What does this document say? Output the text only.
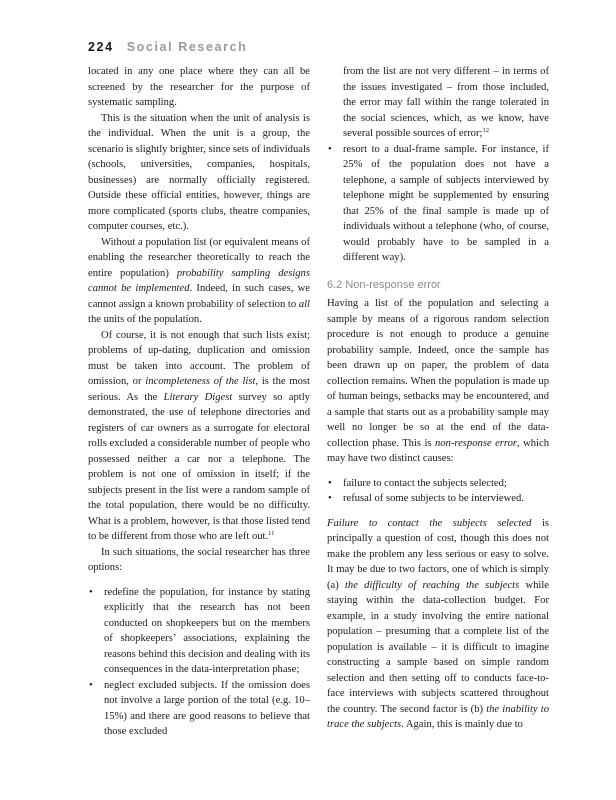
224 Social Research

located in any one place where they can all be screened by the researcher for the purpose of systematic sampling.

This is the situation when the unit of analysis is the individual. When the unit is a group, the scenario is slightly brighter, since sets of individuals (schools, universities, companies, hospitals, businesses) are normally officially registered. Outside these official entities, however, things are more complicated (sports clubs, theatre companies, computer courses, etc.).

Without a population list (or equivalent means of enabling the researcher theoretically to reach the entire population) probability sampling designs cannot be implemented. Indeed, in such cases, we cannot assign a known probability of selection to all the units of the population.

Of course, it is not enough that such lists exist; problems of up-dating, duplication and omission must be taken into account. The problem of omission, or incompleteness of the list, is the most serious. As the Literary Digest survey so aptly demonstrated, the use of telephone directories and registers of car owners as a surrogate for electoral rolls excluded a considerable number of people who possessed neither a car nor a telephone. The problem is not one of omission in itself; if the subjects present in the list were a random sample of the total population, there would be no difficulty. What is a problem, however, is that those listed tend to be different from those who are left out.$^{11}$

In such situations, the social researcher has three options:

• redefine the population, for instance by stating explicitly that the research has not been conducted on shopkeepers but on the members of shopkeepers’ associations, explaining the reasons behind this decision and dealing with its consequences in the data-interpretation phase;
• neglect excluded subjects. If the omission does not involve a large portion of the total (e.g. 10–15%) and there are good reasons to believe that those excluded
from the list are not very different – in terms of the issues investigated – from those included, the error may fall within the range tolerated in the social sciences, which, as we know, have several possible sources of error;$^{12}$
• resort to a dual-frame sample. For instance, if 25% of the population does not have a telephone, a sample of subjects interviewed by telephone might be supplemented by ensuring that 25% of the final sample is made up of individuals without a telephone (who, of course, would probably have to be sampled in a different way).
6.2 Non-response error

Having a list of the population and selecting a sample by means of a rigorous random selection procedure is not enough to produce a genuine probability sample. Indeed, once the sample has been drawn up on paper, the problem of data collection remains. When the population is made up of human beings, setbacks may be encountered, and a sample that starts out as a probability sample may well no longer be so at the end of the data-collection phase. This is non-response error, which may have two distinct causes:

• failure to contact the subjects selected;
• refusal of some subjects to be interviewed.

Failure to contact the subjects selected is principally a question of cost, though this does not make the problem any less serious or easy to solve. It may be due to two factors, one of which is simply (a) the difficulty of reaching the subjects while staying within the data-collection budget. For example, in a study involving the entire national population – presuming that a complete list of the population is available – it is difficult to imagine constructing a sample based on simple random selection and then setting off to conducts face-to-face interviews with subjects scattered throughout the country. The second factor is (b) the inability to trace the subjects. Again, this is mainly due to
